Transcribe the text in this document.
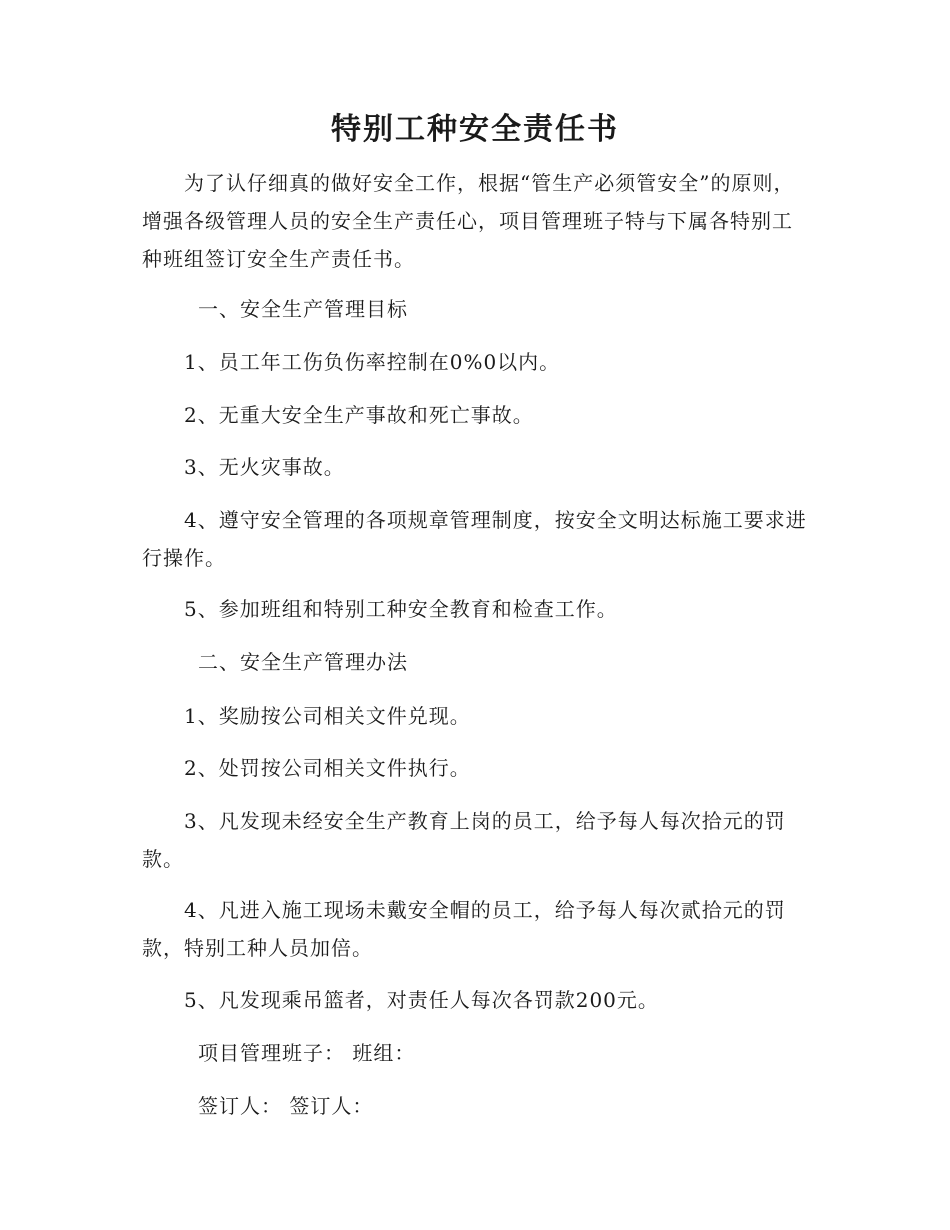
特别工种安全责任书

为了认仔细真的做好安全工作，根据“管生产必须管安全”的原则，增强各级管理人员的安全生产责任心，项目管理班子特与下属各特别工种班组签订安全生产责任书。

一、安全生产管理目标

1、员工年工伤负伤率控制在0%0以内。

2、无重大安全生产事故和死亡事故。

3、无火灾事故。

4、遵守安全管理的各项规章管理制度，按安全文明达标施工要求进行操作。

5、参加班组和特别工种安全教育和检查工作。

二、安全生产管理办法

1、奖励按公司相关文件兑现。

2、处罚按公司相关文件执行。

3、凡发现未经安全生产教育上岗的员工，给予每人每次拾元的罚款。

4、凡进入施工现场未戴安全帽的员工，给予每人每次贰拾元的罚款，特别工种人员加倍。

5、凡发现乘吊篮者，对责任人每次各罚款200元。

项目管理班子： 班组：

签订人： 签订人：
